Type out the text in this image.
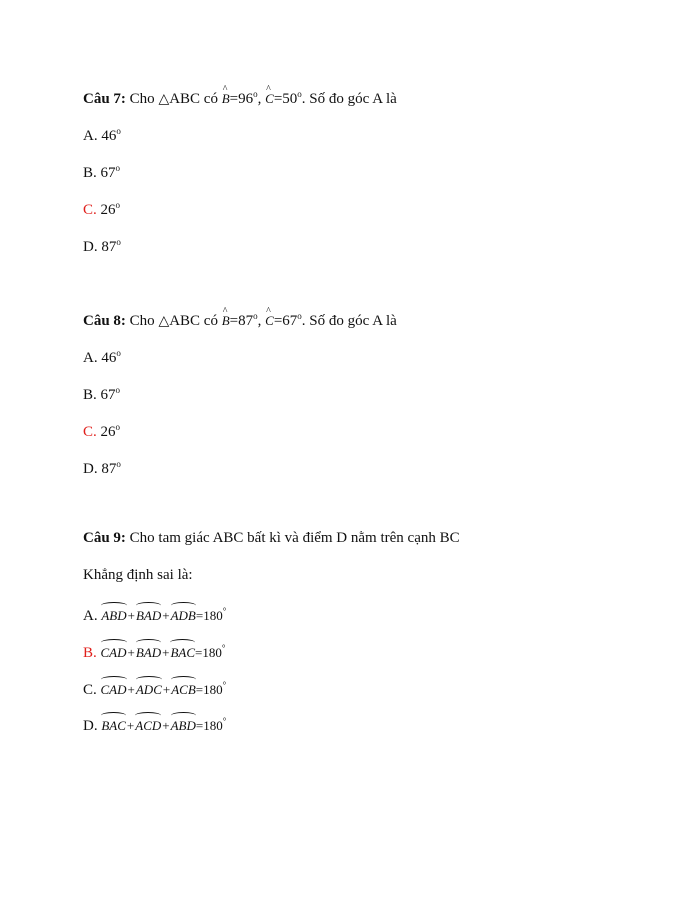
Câu 7: Cho △ABC có ^ $B=96^o$, ^ $C=50^o$. Số đo góc A là
A. 46$^o$
B. 67$^o$
C. 26$^o$
D. 87$^o$
Câu 8: Cho △ABC có ^ $B=87^o$, ^ $C=67^o$. Số đo góc A là
A. 46$^o$
B. 67$^o$
C. 26$^o$
D. 87$^o$
Câu 9: Cho tam giác ABC bất kì và điểm D nằm trên cạnh BC
Khẳng định sai là:
A. ABD+BAD+ADB=180°
B. CAD+BAD+BAC=180°
C. CAD+ADC+ACB=180°
D. BAC+ACD+ABD=180°
